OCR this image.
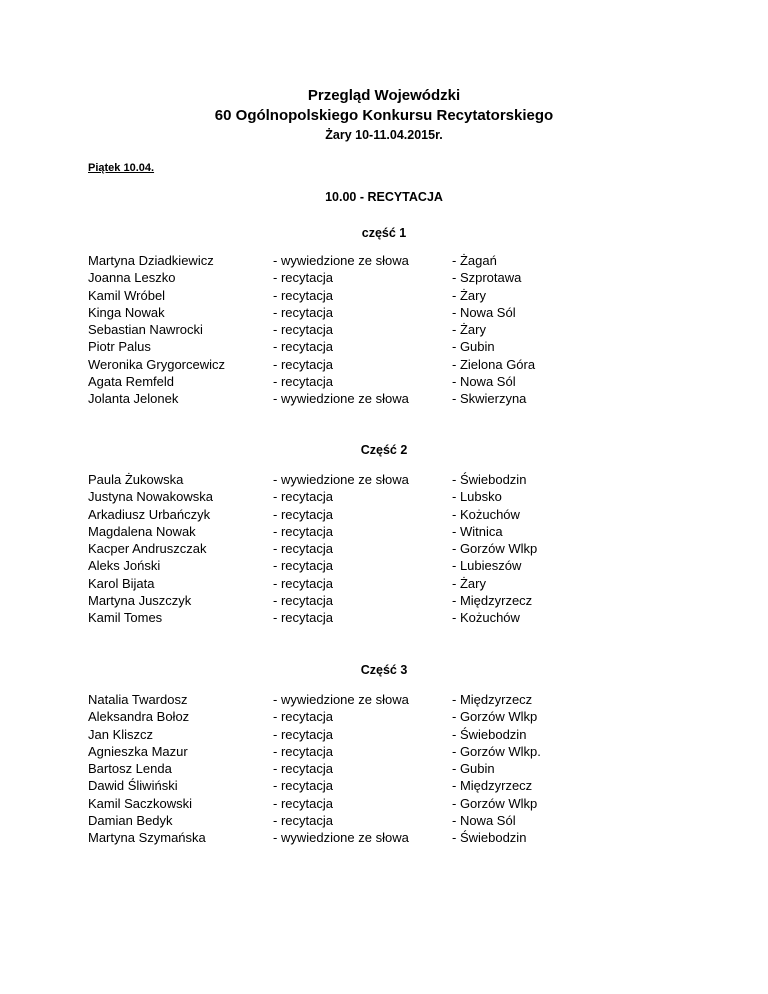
Przegląd Wojewódzki
60 Ogólnopolskiego Konkursu Recytatorskiego
Żary 10-11.04.2015r.
Piątek 10.04.
10.00 - RECYTACJA
część 1
Martyna Dziadkiewicz	- wywiedzione ze słowa	- Żagań
Joanna Leszko	- recytacja	- Szprotawa
Kamil Wróbel	- recytacja	- Żary
Kinga Nowak	- recytacja	- Nowa Sól
Sebastian Nawrocki	- recytacja	- Żary
Piotr Palus	- recytacja	- Gubin
Weronika Grygorcewicz	- recytacja	- Zielona Góra
Agata Remfeld	- recytacja	- Nowa Sól
Jolanta Jelonek	- wywiedzione ze słowa	- Skwierzyna
Część 2
Paula Żukowska	- wywiedzione ze słowa	- Świebodzin
Justyna Nowakowska	- recytacja	- Lubsko
Arkadiusz Urbańczyk	- recytacja	- Kożuchów
Magdalena Nowak	- recytacja	- Witnica
Kacper Andruszczak	- recytacja	- Gorzów Wlkp
Aleks Joński	- recytacja	- Lubieszów
Karol Bijata	- recytacja	- Żary
Martyna Juszczyk	- recytacja	- Międzyrzecz
Kamil Tomes	- recytacja	- Kożuchów
Część 3
Natalia Twardosz	- wywiedzione ze słowa	- Międzyrzecz
Aleksandra Bołoz	- recytacja	- Gorzów Wlkp
Jan Kliszcz	- recytacja	- Świebodzin
Agnieszka Mazur	- recytacja	- Gorzów Wlkp.
Bartosz Lenda	- recytacja	- Gubin
Dawid Śliwiński	- recytacja	- Międzyrzecz
Kamil Saczkowski	- recytacja	- Gorzów Wlkp
Damian Bedyk	- recytacja	- Nowa Sól
Martyna Szymańska	- wywiedzione ze słowa	- Świebodzin
